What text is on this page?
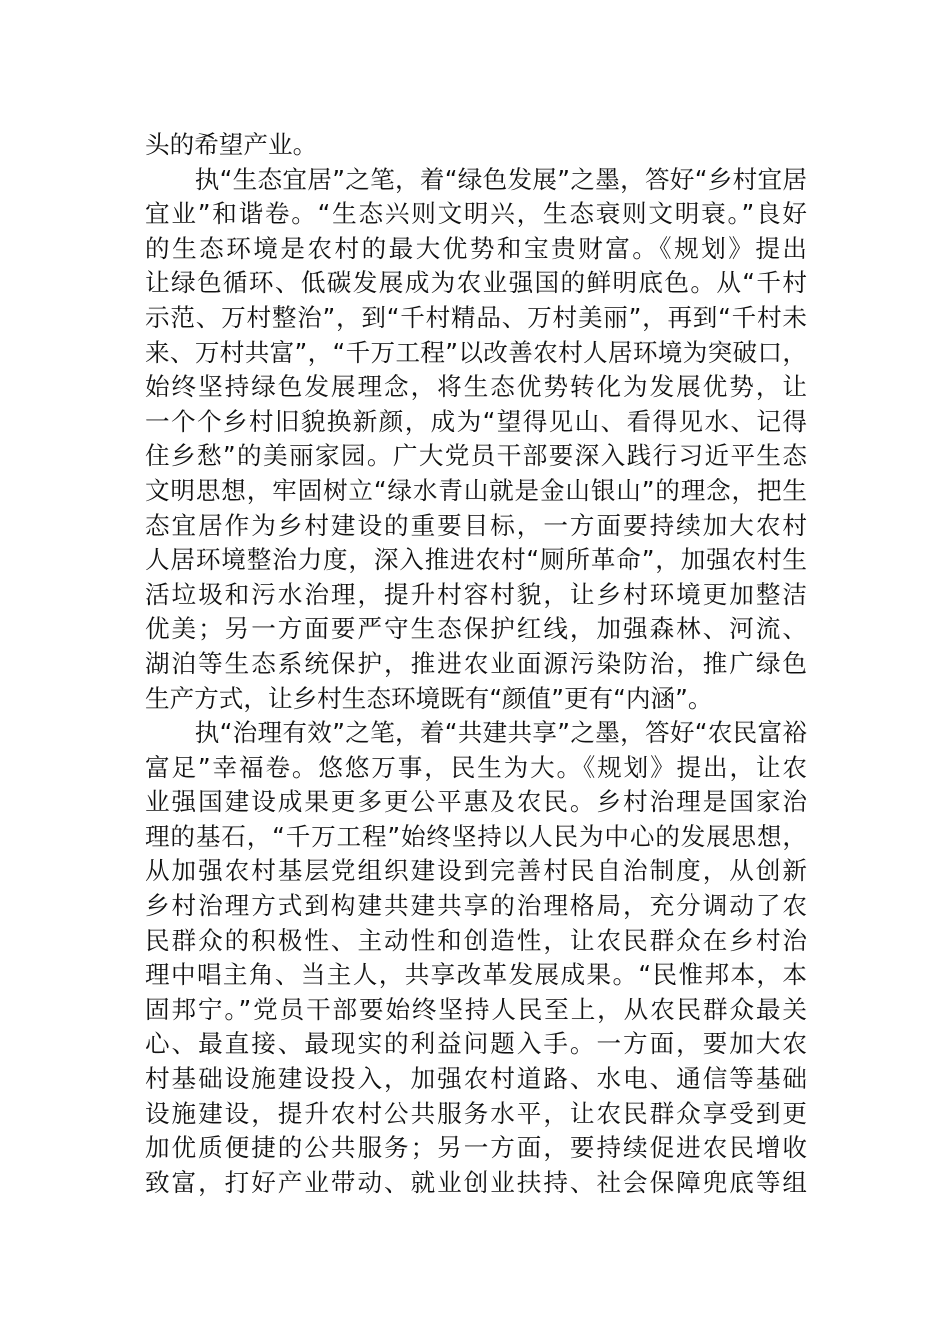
头的希望产业。
　　执“生态宜居”之笔，着“绿色发展”之墨，答好“乡村宜居
宜业”和谐卷。“生态兴则文明兴，生态衰则文明衰。”良好
的生态环境是农村的最大优势和宝贵财富。《规划》提出
让绿色循环、低碳发展成为农业强国的鲜明底色。从“千村
示范、万村整治”，到“千村精品、万村美丽”，再到“千村未
来、万村共富”，“千万工程”以改善农村人居环境为突破口，
始终坚持绿色发展理念，将生态优势转化为发展优势，让
一个个乡村旧貌换新颜，成为“望得见山、看得见水、记得
住乡愁”的美丽家园。广大党员干部要深入践行习近平生态
文明思想，牢固树立“绿水青山就是金山银山”的理念，把生
态宜居作为乡村建设的重要目标，一方面要持续加大农村
人居环境整治力度，深入推进农村“厕所革命”，加强农村生
活垃圾和污水治理，提升村容村貌，让乡村环境更加整洁
优美；另一方面要严守生态保护红线，加强森林、河流、
湖泊等生态系统保护，推进农业面源污染防治，推广绿色
生产方式，让乡村生态环境既有“颜值”更有“内涵”。
　　执“治理有效”之笔，着“共建共享”之墨，答好“农民富裕
富足”幸福卷。悠悠万事，民生为大。《规划》提出，让农
业强国建设成果更多更公平惠及农民。乡村治理是国家治
理的基石，“千万工程”始终坚持以人民为中心的发展思想，
从加强农村基层党组织建设到完善村民自治制度，从创新
乡村治理方式到构建共建共享的治理格局，充分调动了农
民群众的积极性、主动性和创造性，让农民群众在乡村治
理中唱主角、当主人，共享改革发展成果。“民惟邦本，本
固邦宁。”党员干部要始终坚持人民至上，从农民群众最关
心、最直接、最现实的利益问题入手。一方面，要加大农
村基础设施建设投入，加强农村道路、水电、通信等基础
设施建设，提升农村公共服务水平，让农民群众享受到更
加优质便捷的公共服务；另一方面，要持续促进农民增收
致富，打好产业带动、就业创业扶持、社会保障兜底等组
